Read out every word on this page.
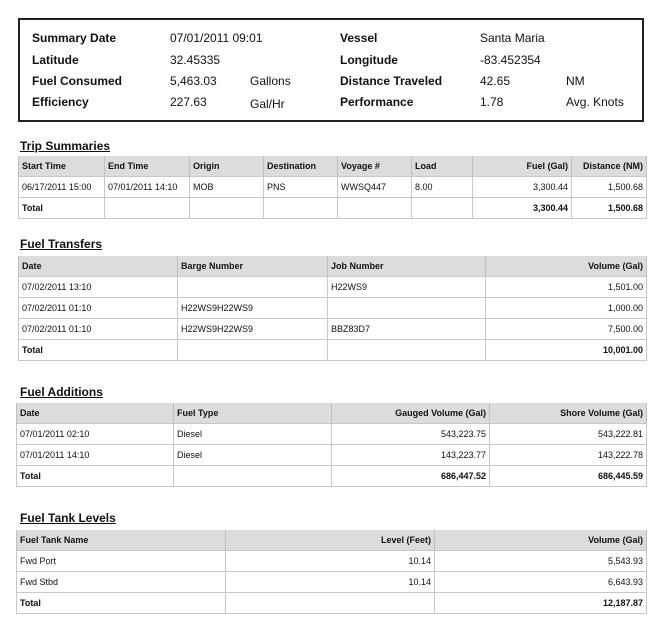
Summary Date	07/01/2011 09:01	Vessel	Santa Maria
Latitude	32.45335	Longitude	-83.452354
Fuel Consumed	5,463.03	Gallons	Distance Traveled	42.65	NM
Efficiency	227.63	Gal/Hr	Performance	1.78	Avg. Knots
Trip Summaries
Start Time	End Time	Origin	Destination	Voyage #	Load	Fuel (Gal)	Distance (NM)
06/17/2011 15:00	07/01/2011 14:10	MOB	PNS	WWSQ447	8.00	3,300.44	1,500.68
Total						3,300.44	1,500.68
Fuel Transfers
Date	Barge Number	Job Number	Volume (Gal)
07/02/2011 13:10		H22WS9	1,501.00
07/02/2011 01:10	H22WS9H22WS9		1,000.00
07/02/2011 01:10	H22WS9H22WS9	BBZ83D7	7,500.00
Total			10,001.00
Fuel Additions
Date	Fuel Type	Gauged Volume (Gal)	Shore Volume (Gal)
07/01/2011 02:10	Diesel	543,223.75	543,222.81
07/01/2011 14:10	Diesel	143,223.77	143,222.78
Total		686,447.52	686,445.59
Fuel Tank Levels
Fuel Tank Name	Level (Feet)	Volume (Gal)
Fwd Port	10.14	5,543.93
Fwd Stbd	10.14	6,643.93
Total		12,187.87
